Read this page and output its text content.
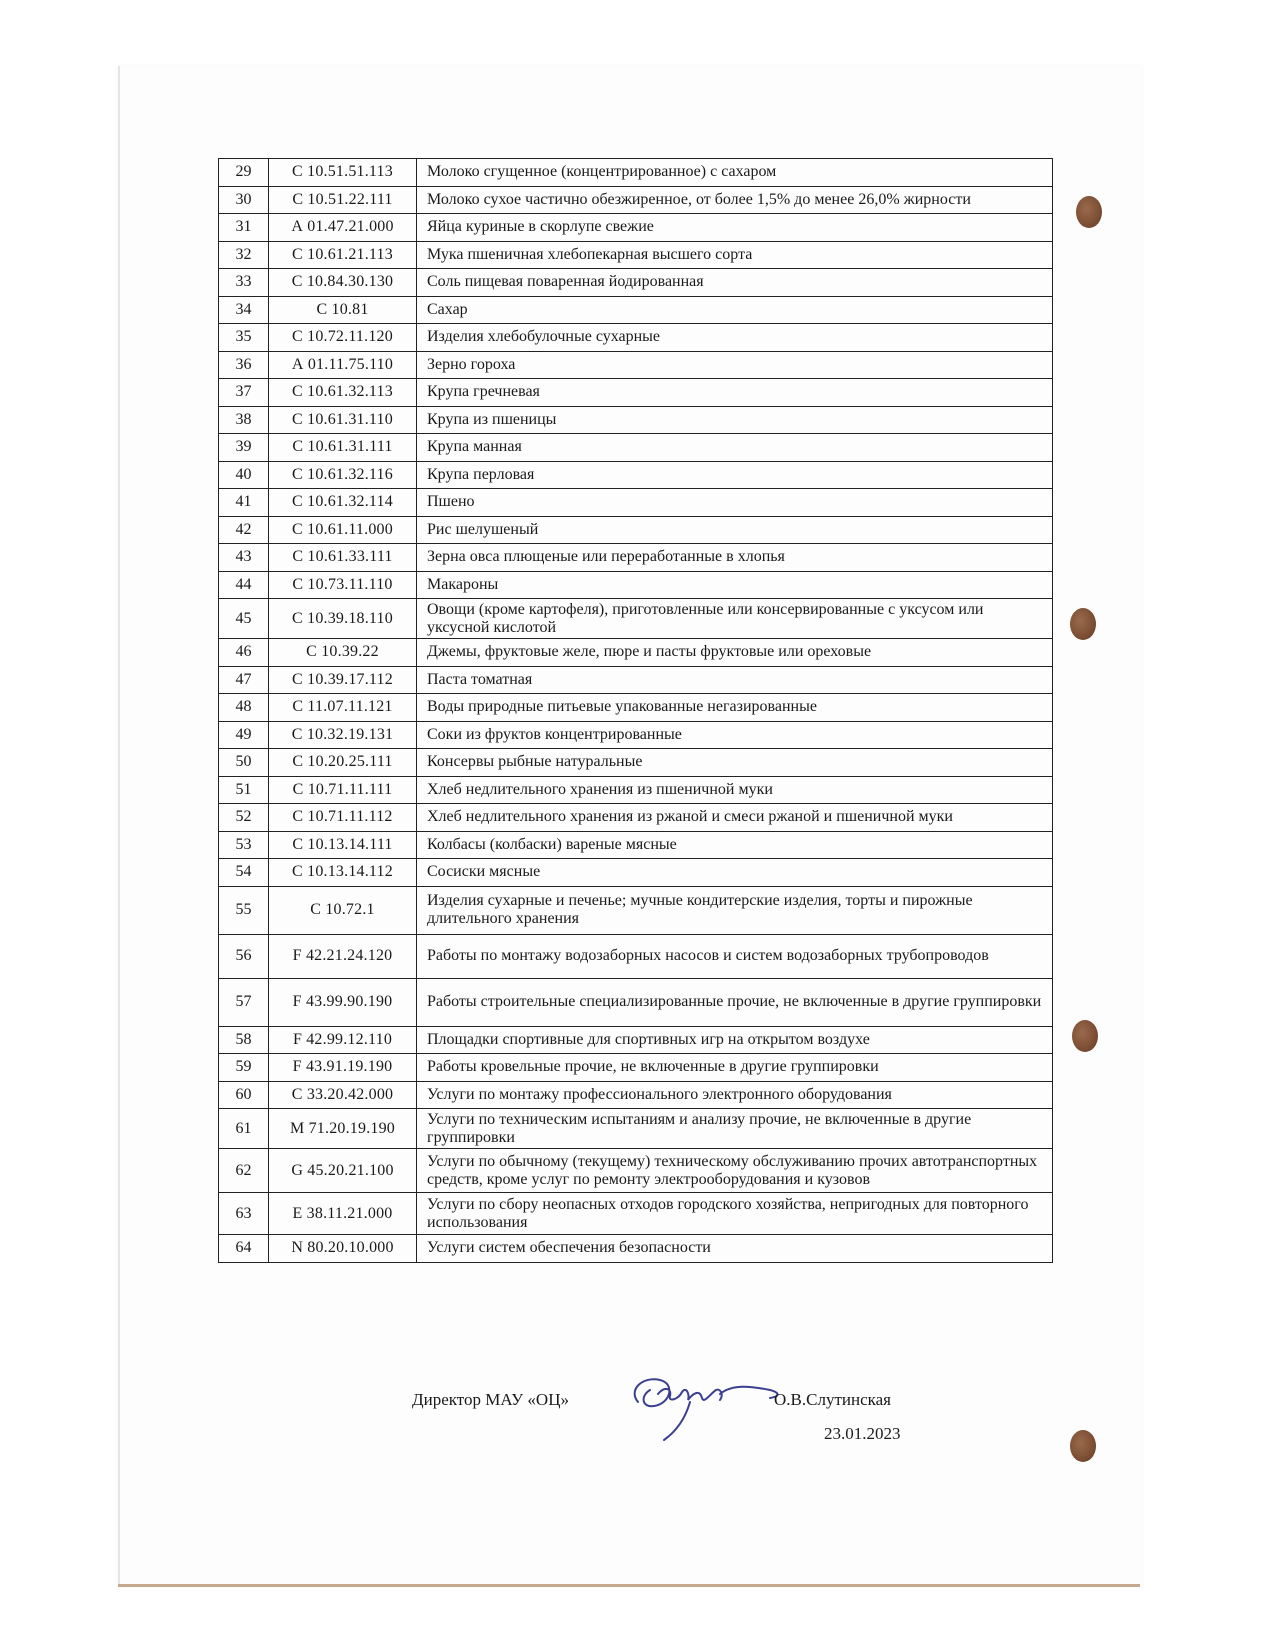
29	С 10.51.51.113	Молоко сгущенное (концентрированное) с сахаром
30	С 10.51.22.111	Молоко сухое частично обезжиренное, от более 1,5% до менее 26,0% жирности
31	А 01.47.21.000	Яйца куриные в скорлупе свежие
32	С 10.61.21.113	Мука пшеничная хлебопекарная высшего сорта
33	С 10.84.30.130	Соль пищевая поваренная йодированная
34	С 10.81	Сахар
35	С 10.72.11.120	Изделия хлебобулочные сухарные
36	А 01.11.75.110	Зерно гороха
37	С 10.61.32.113	Крупа гречневая
38	С 10.61.31.110	Крупа из пшеницы
39	С 10.61.31.111	Крупа манная
40	С 10.61.32.116	Крупа перловая
41	С 10.61.32.114	Пшено
42	С 10.61.11.000	Рис шелушеный
43	С 10.61.33.111	Зерна овса плющеные или переработанные в хлопья
44	С 10.73.11.110	Макароны
45	С 10.39.18.110	Овощи (кроме картофеля), приготовленные или консервированные с уксусом или уксусной кислотой
46	С 10.39.22	Джемы, фруктовые желе, пюре и пасты фруктовые или ореховые
47	С 10.39.17.112	Паста томатная
48	С 11.07.11.121	Воды природные питьевые упакованные негазированные
49	С 10.32.19.131	Соки из фруктов концентрированные
50	С 10.20.25.111	Консервы рыбные натуральные
51	С 10.71.11.111	Хлеб недлительного хранения из пшеничной муки
52	С 10.71.11.112	Хлеб недлительного хранения из ржаной и смеси ржаной и пшеничной муки
53	С 10.13.14.111	Колбасы (колбаски) вареные мясные
54	С 10.13.14.112	Сосиски мясные
55	С 10.72.1	Изделия сухарные и печенье; мучные кондитерские изделия, торты и пирожные длительного хранения
56	F 42.21.24.120	Работы по монтажу водозаборных насосов и систем водозаборных трубопроводов
57	F 43.99.90.190	Работы строительные специализированные прочие, не включенные в другие группировки
58	F 42.99.12.110	Площадки спортивные для спортивных игр на открытом воздухе
59	F 43.91.19.190	Работы кровельные прочие, не включенные в другие группировки
60	С 33.20.42.000	Услуги по монтажу профессионального электронного оборудования
61	М 71.20.19.190	Услуги по техническим испытаниям и анализу прочие, не включенные в другие группировки
62	G 45.20.21.100	Услуги по обычному (текущему) техническому обслуживанию прочих автотранспортных средств, кроме услуг по ремонту электрооборудования и кузовов
63	Е 38.11.21.000	Услуги по сбору неопасных отходов городского хозяйства, непригодных для повторного использования
64	N 80.20.10.000	Услуги систем обеспечения безопасности
Директор МАУ «ОЦ»	О.В.Слутинская
23.01.2023
